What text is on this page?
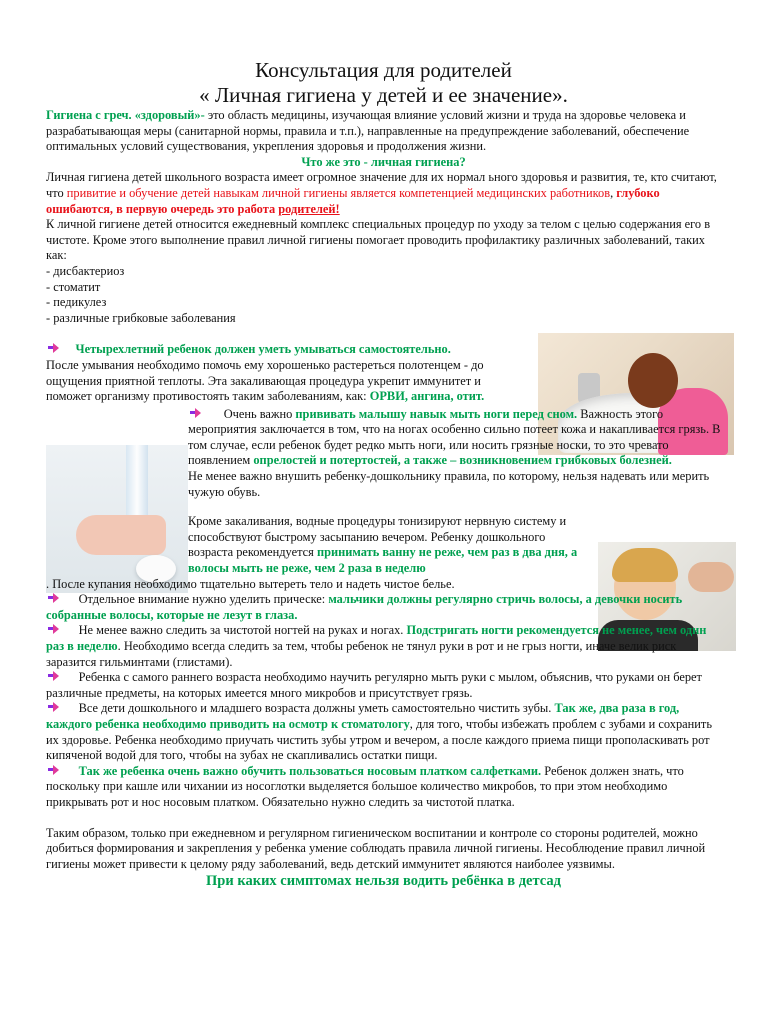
Консультация для родителей
« Личная гигиена у детей и ее значение».

Гигиена с греч. «здоровый»- это область медицины, изучающая влияние условий жизни и труда на здоровье человека и разрабатывающая меры (санитарной нормы, правила и т.п.), направленные на предупреждение заболеваний, обеспечение оптимальных условий существования, укрепления здоровья и продолжения жизни.

Что же это - личная гигиена?

Личная гигиена детей школьного возраста имеет огромное значение для их нормал ьного здоровья и развития, те, кто считают, что привитие и обучение детей навыкам личной гигиены является компетенцией медицинских работников, глубоко ошибаются, в первую очередь это работа родителей!

К личной гигиене детей относится ежедневный комплекс специальных процедур по уходу за телом с целью содержания его в чистоте. Кроме этого выполнение правил личной гигиены помогает проводить профилактику различных заболеваний, таких как:

- дисбактериоз

- стоматит

- педикулез

- различные грибковые заболевания

Четырехлетний ребенок должен уметь умываться самостоятельно.
После умывания необходимо помочь ему хорошенько растереться полотенцем - до ощущения приятной теплоты. Эта закаливающая процедура укрепит иммунитет и поможет организму противостоять таким заболеваниям, как: ОРВИ, ангина, отит.

Очень важно прививать малышу навык мыть ноги перед сном. Важность этого мероприятия заключается в том, что на ногах особенно сильно потеет кожа и накапливается грязь. В том случае, если ребенок будет редко мыть ноги, или носить грязные носки, то это чревато появлением опрелостей и потертостей, а также – возникновением грибковых болезней.
Не менее важно внушить ребенку-дошкольнику правила, по которому, нельзя надевать или мерить чужую обувь.

Кроме закаливания, водные процедуры тонизируют нервную систему и способствуют быстрому засыпанию вечером. Ребенку дошкольного возраста рекомендуется принимать ванну не реже, чем раз в два дня, а волосы мыть не реже, чем 2 раза в неделю

. После купания необходимо тщательно вытереть тело и надеть чистое белье.

Отдельное внимание нужно уделить прическе: мальчики должны регулярно стричь волосы, а девочки носить собранные волосы, которые не лезут в глаза.

Не менее важно следить за чистотой ногтей на руках и ногах. Подстригать ногти рекомендуется не менее, чем один раз в неделю. Необходимо всегда следить за тем, чтобы ребенок не тянул руки в рот и не грыз ногти, иначе велик риск заразится гильминтами (глистами).

Ребенка с самого раннего возраста необходимо научить регулярно мыть руки с мылом, объяснив, что руками он берет различные предметы, на которых имеется много микробов и присутствует грязь.

Все дети дошкольного и младшего возраста должны уметь самостоятельно чистить зубы. Так же, два раза в год, каждого ребенка необходимо приводить на осмотр к стоматологу, для того, чтобы избежать проблем с зубами и сохранить их здоровье. Ребенка необходимо приучать чистить зубы утром и вечером, а после каждого приема пищи прополаскивать рот кипяченой водой для того, чтобы на зубах не скапливались остатки пищи.

Так же ребенка очень важно обучить пользоваться носовым платком салфетками. Ребенок должен знать, что поскольку при кашле или чихании из носоглотки выделяется большое количество микробов, то при этом необходимо прикрывать рот и нос носовым платком. Обязательно нужно следить за чистотой платка.

Таким образом, только при ежедневном и регулярном гигиеническом воспитании и контроле со стороны родителей, можно добиться формирования и закрепления у ребенка умение соблюдать правила личной гигиены. Несоблюдение правил личной гигиены может привести к целому ряду заболеваний, ведь детский иммунитет являются наиболее уязвимы.

При каких симптомах нельзя водить ребёнка в детсад
